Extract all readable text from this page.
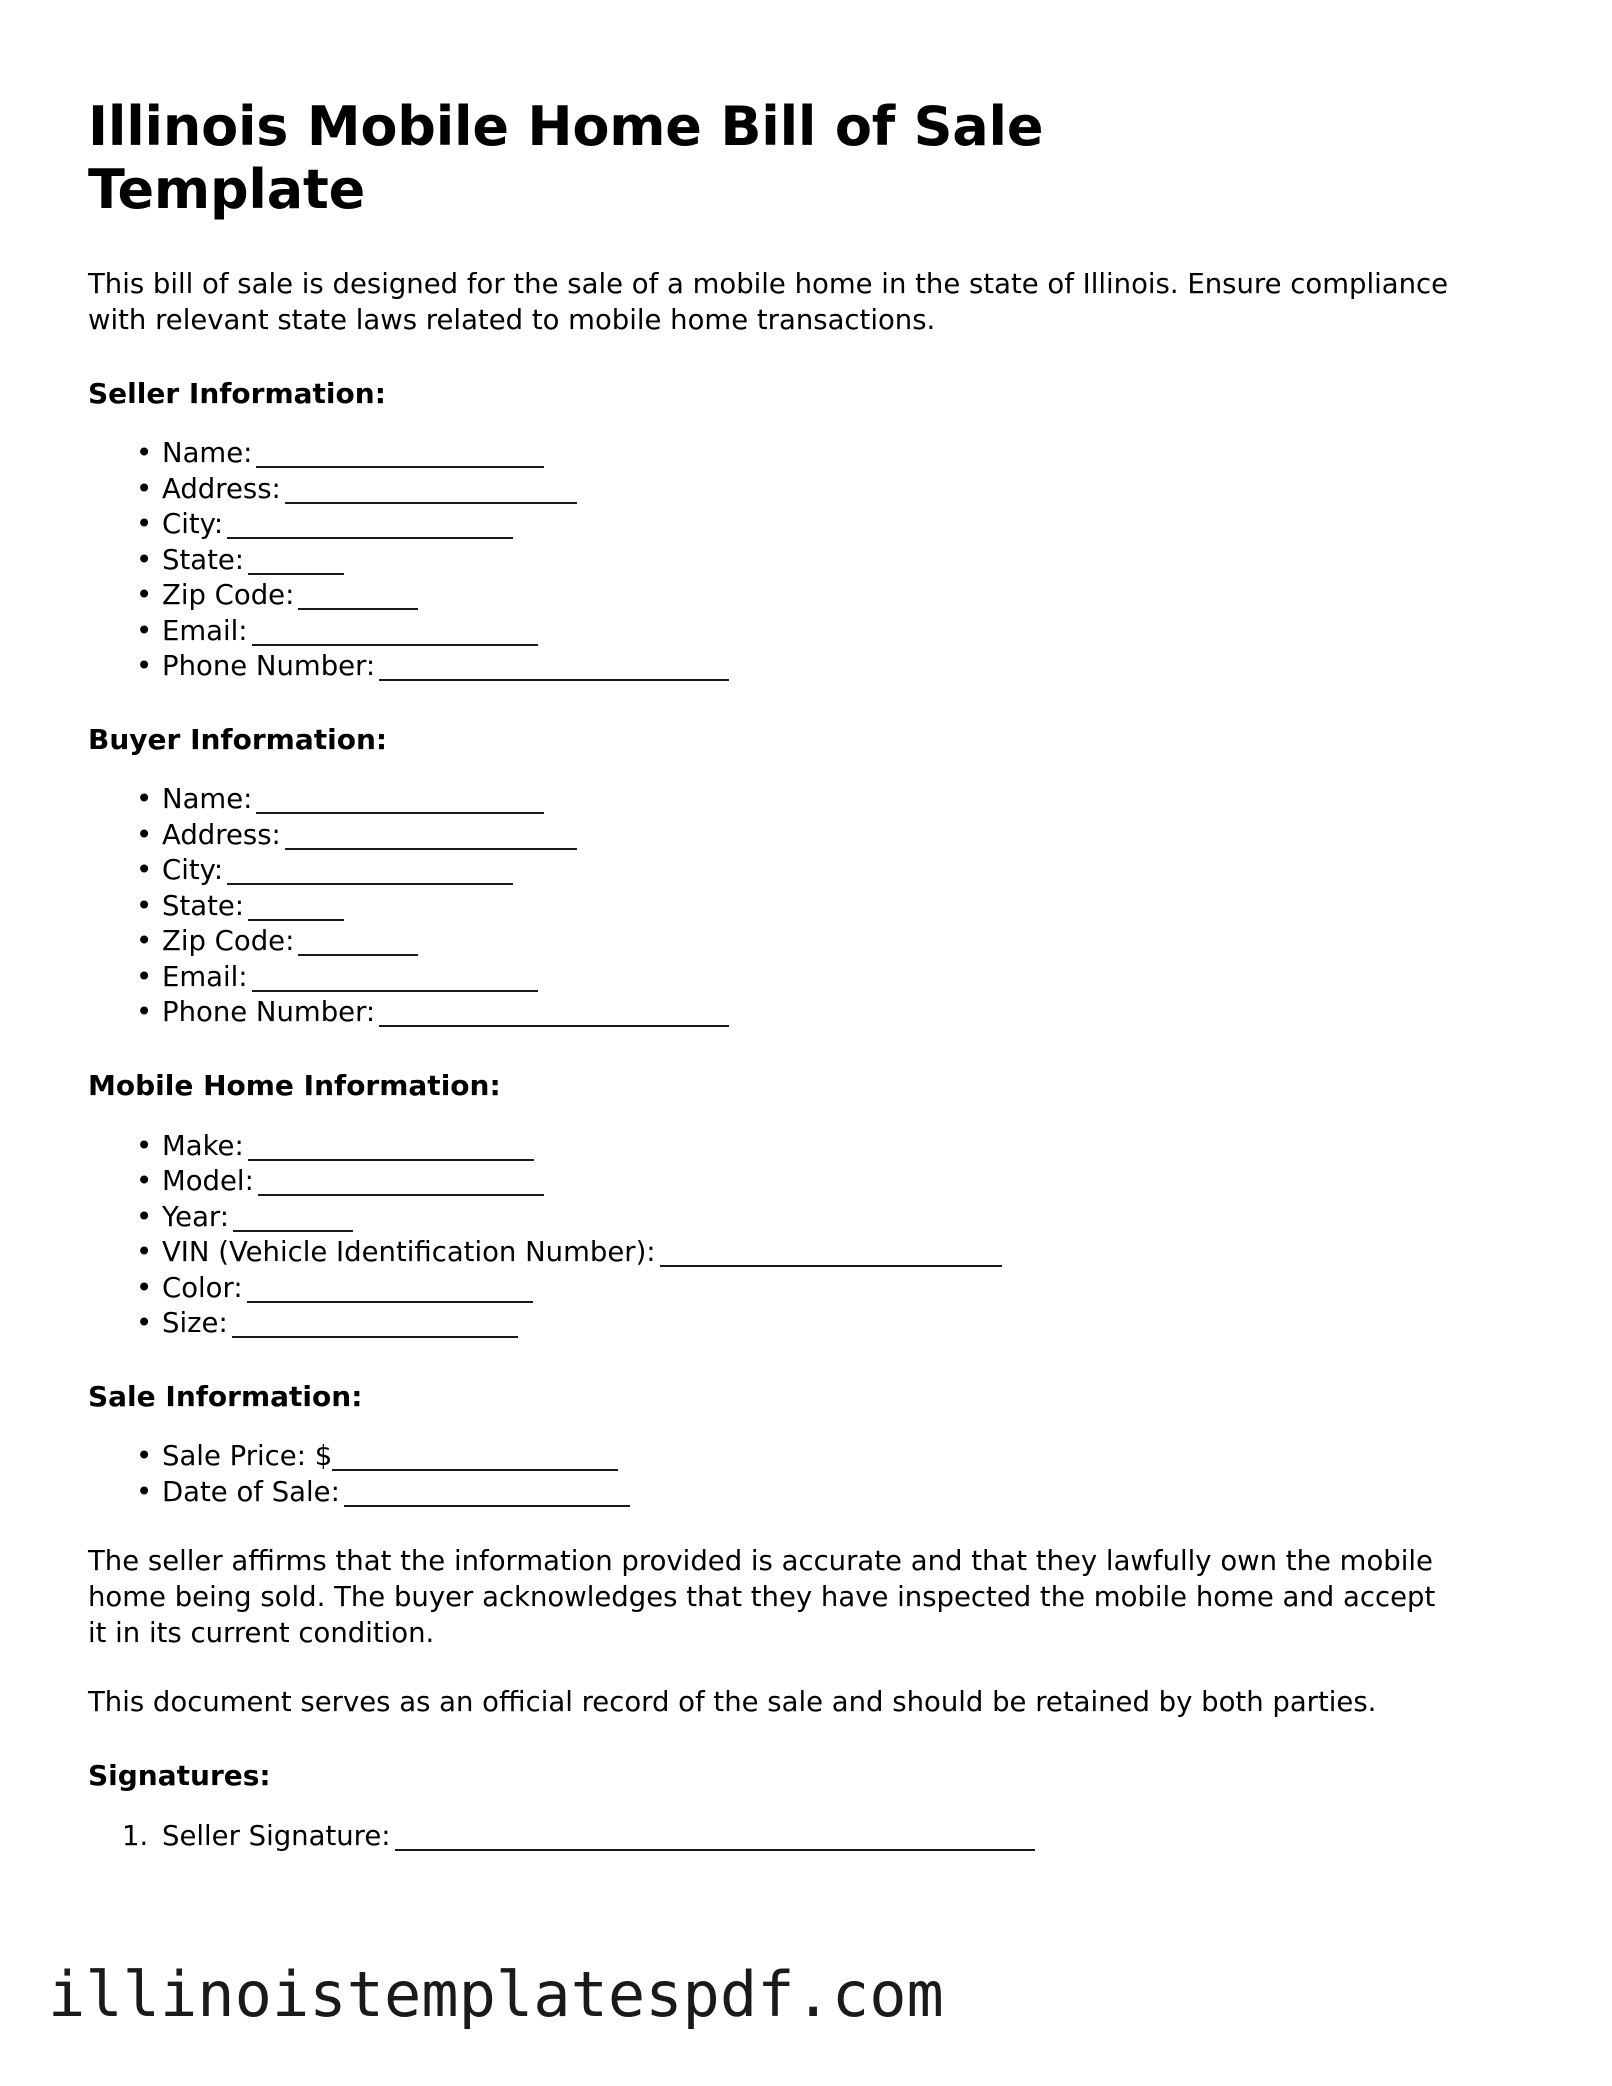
Illinois Mobile Home Bill of Sale Template

This bill of sale is designed for the sale of a mobile home in the state of Illinois. Ensure compliance with relevant state laws related to mobile home transactions.

Seller Information:
• Name:
• Address:
• City:
• State:
• Zip Code:
• Email:
• Phone Number:
Buyer Information:
• Name:
• Address:
• City:
• State:
• Zip Code:
• Email:
• Phone Number:
Mobile Home Information:
• Make:
• Model:
• Year:
• VIN (Vehicle Identification Number):
• Color:
• Size:
Sale Information:
• Sale Price: $
• Date of Sale:

The seller affirms that the information provided is accurate and that they lawfully own the mobile home being sold. The buyer acknowledges that they have inspected the mobile home and accept it in its current condition.

This document serves as an official record of the sale and should be retained by both parties.

Signatures:
Seller Signature:
illinoistemplatespdf.com
